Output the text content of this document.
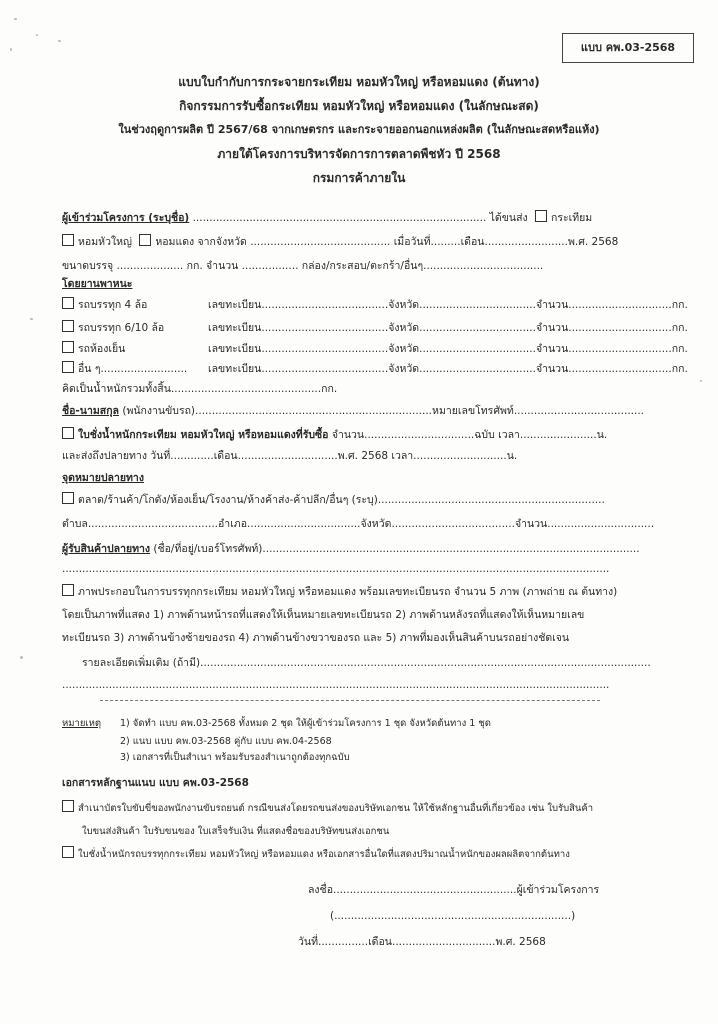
แบบ คพ.03-2568
แบบใบกำกับการกระจายกระเทียม หอมหัวใหญ่ หรือหอมแดง (ต้นทาง)
กิจกรรมการรับซื้อกระเทียม หอมหัวใหญ่ หรือหอมแดง (ในลักษณะสด)
ในช่วงฤดูการผลิต ปี 2567/68 จากเกษตรกร และกระจายออกนอกแหล่งผลิต (ในลักษณะสดหรือแห้ง)
ภายใต้โครงการบริหารจัดการการตลาดพืชหัว ปี 2568
กรมการค้าภายใน
ผู้เข้าร่วมโครงการ (ระบุชื่อ) ........................................................................................ ได้ขนส่ง กระเทียม
หอมหัวใหญ่ หอมแดง จากจังหวัด .......................................... เมื่อวันที่.........เดือน.........................พ.ศ. 2568
ขนาดบรรจุ .................... กก. จำนวน ................. กล่อง/กระสอบ/ตะกร้า/อื่นๆ....................................
โดยยานพาหนะ
รถบรรทุก 4 ล้อ
รถบรรทุก 6/10 ล้อ
รถห้องเย็น
อื่น ๆ..........................
เลขทะเบียน......................................จังหวัด...................................จำนวน...............................กก.
เลขทะเบียน......................................จังหวัด...................................จำนวน...............................กก.
เลขทะเบียน......................................จังหวัด...................................จำนวน...............................กก.
เลขทะเบียน......................................จังหวัด...................................จำนวน...............................กก.
คิดเป็นน้ำหนักรวมทั้งสิ้น.............................................กก.
ชื่อ-นามสกุล (พนักงานขับรถ).......................................................................หมายเลขโทรศัพท์.......................................
ใบชั่งน้ำหนักกระเทียม หอมหัวใหญ่ หรือหอมแดงที่รับซื้อ จำนวน.................................ฉบับ เวลา.......................น.
และส่งถึงปลายทาง วันที่.............เดือน..............................พ.ศ. 2568 เวลา............................น.
จุดหมายปลายทาง
ตลาด/ร้านค้า/โกดัง/ห้องเย็น/โรงงาน/ห้างค้าส่ง-ค้าปลีก/อื่นๆ (ระบุ)....................................................................
ตำบล.......................................อำเภอ..................................จังหวัด.....................................จำนวน................................
ผู้รับสินค้าปลายทาง (ชื่อ/ที่อยู่/เบอร์โทรศัพท์).................................................................................................................
....................................................................................................................................................................
ภาพประกอบในการบรรทุกกระเทียม หอมหัวใหญ่ หรือหอมแดง พร้อมเลขทะเบียนรถ จำนวน 5 ภาพ (ภาพถ่าย ณ ต้นทาง)
โดยเป็นภาพที่แสดง 1) ภาพด้านหน้ารถที่แสดงให้เห็นหมายเลขทะเบียนรถ 2) ภาพด้านหลังรถที่แสดงให้เห็นหมายเลข
ทะเบียนรถ 3) ภาพด้านข้างซ้ายของรถ 4) ภาพด้านข้างขวาของรถ และ 5) ภาพที่มองเห็นสินค้าบนรถอย่างชัดเจน
รายละเอียดเพิ่มเติม (ถ้ามี).......................................................................................................................................
....................................................................................................................................................................
หมายเหตุ 1) จัดทำ แบบ คพ.03-2568 ทั้งหมด 2 ชุด ให้ผู้เข้าร่วมโครงการ 1 ชุด จังหวัดต้นทาง 1 ชุด
2) แนบ แบบ คพ.03-2568 คู่กับ แบบ คพ.04-2568
3) เอกสารที่เป็นสำเนา พร้อมรับรองสำเนาถูกต้องทุกฉบับ
เอกสารหลักฐานแนบ แบบ คพ.03-2568
สำเนาบัตรใบขับขี่ของพนักงานขับรถยนต์ กรณีขนส่งโดยรถขนส่งของบริษัทเอกชน ให้ใช้หลักฐานอื่นที่เกี่ยวข้อง เช่น ใบรับสินค้า
ใบขนส่งสินค้า ใบรับขนของ ใบเสร็จรับเงิน ที่แสดงชื่อของบริษัทขนส่งเอกชน
ใบชั่งน้ำหนักรถบรรทุกกระเทียม หอมหัวใหญ่ หรือหอมแดง หรือเอกสารอื่นใดที่แสดงปริมาณน้ำหนักของผลผลิตจากต้นทาง
ลงชื่อ.......................................................ผู้เข้าร่วมโครงการ
(.......................................................................)
วันที่...............เดือน...............................พ.ศ. 2568
